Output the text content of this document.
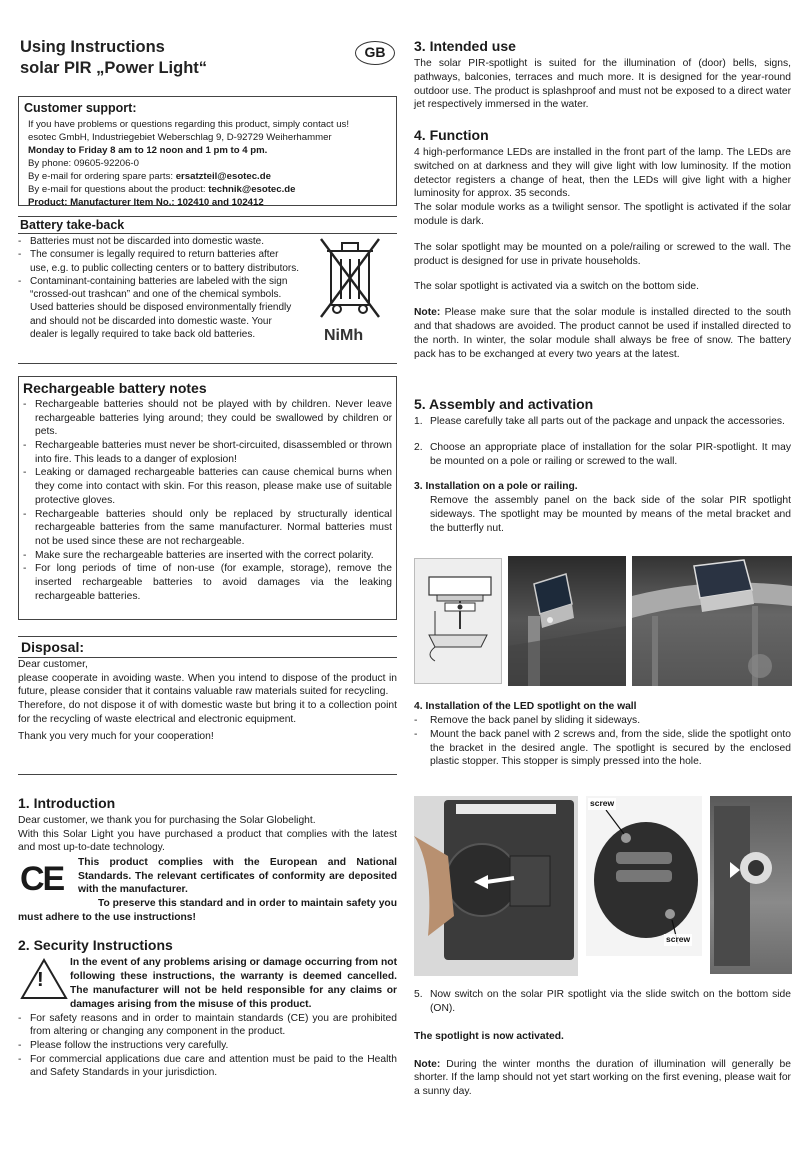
Using Instructions
solar PIR „Power Light“
GB
Customer support:
If you have problems or questions regarding this product, simply contact us!
esotec GmbH, Industriegebiet Weberschlag 9, D-92729 Weiherhammer
Monday to Friday 8 am to 12 noon and 1 pm to 4 pm.
By phone: 09605-92206-0
By e-mail for ordering spare parts: ersatzteil@esotec.de
By e-mail for questions about the product: technik@esotec.de
Product: Manufacturer Item No.: 102410 and 102412
Battery take-back
- Batteries must not be discarded into domestic waste.
- The consumer is legally required to return batteries after use, e.g. to public collecting centers or to battery distributors.
- Contaminant-containing batteries are labeled with the sign “crossed-out trashcan” and one of the chemical symbols. Used batteries should be disposed environmentally friendly and should not be discarded into domestic waste. Your dealer is legally required to take back old batteries.	NiMh
Rechargeable battery notes
- Rechargeable batteries should not be played with by children. Never leave rechargeable batteries lying around; they could be swallowed by children or pets.
- Rechargeable batteries must never be short-circuited, disassembled or thrown into fire. This leads to a danger of explosion!
- Leaking or damaged rechargeable batteries can cause chemical burns when they come into contact with skin. For this reason, please make use of suitable protective gloves.
- Rechargeable batteries should only be replaced by structurally identical rechargeable batteries from the same manufacturer. Normal batteries must not be used since these are not rechargeable.
- Make sure the rechargeable batteries are inserted with the correct polarity.
- For long periods of time of non-use (for example, storage), remove the inserted rechargeable batteries to avoid damages via the leaking rechargeable batteries.
Disposal:
Dear customer,
please cooperate in avoiding waste. When you intend to dispose of the product in future, please consider that it contains valuable raw materials suited for recycling.
Therefore, do not dispose it of with domestic waste but bring it to a collection point for the recycling of waste electrical and electronic equipment.
Thank you very much for your cooperation!
1. Introduction
Dear customer, we thank you for purchasing the Solar Globelight.
With this Solar Light you have purchased a product that complies with the latest and most up-to-date technology.
CE This product complies with the European and National Standards. The relevant certificates of conformity are deposited with the manufacturer.
To preserve this standard and in order to maintain safety you must adhere to the use instructions!
2. Security Instructions
!
In the event of any problems arising or damage occurring from not following these instructions, the warranty is deemed cancelled. The manufacturer will not be held responsible for any claims or damages arising from the misuse of this product.
- For safety reasons and in order to maintain standards (CE) you are prohibited from altering or changing any component in the product.
- Please follow the instructions very carefully.
- For commercial applications due care and attention must be paid to the Health and Safety Standards in your jurisdiction.
3. Intended use
The solar PIR-spotlight is suited for the illumination of (door) bells, signs, pathways, balconies, terraces and much more. It is designed for the year-round outdoor use. The product is splashproof and must not be exposed to a direct water jet respectively immersed in the water.
4. Function
4 high-performance LEDs are installed in the front part of the lamp. The LEDs are switched on at darkness and they will give light with low luminosity. If the motion detector registers a change of heat, then the LEDs will give light with a higher luminosity for approx. 35 seconds.
The solar module works as a twilight sensor. The spotlight is activated if the solar module is dark.
The solar spotlight may be mounted on a pole/railing or screwed to the wall. The product is designed for use in private households.
The solar spotlight is activated via a switch on the bottom side.
Note: Please make sure that the solar module is installed directed to the south and that shadows are avoided. The product cannot be used if installed directed to the north. In winter, the solar module shall always be free of snow. The battery pack has to be exchanged at every two years at the latest.
5. Assembly and activation
1. Please carefully take all parts out of the package and unpack the accessories.
2. Choose an appropriate place of installation for the solar PIR-spotlight. It may be mounted on a pole or railing or screwed to the wall.
3. Installation on a pole or railing.
Remove the assembly panel on the back side of the solar PIR spotlight sideways. The spotlight may be mounted by means of the metal bracket and the butterfly nut.
4. Installation of the LED spotlight on the wall
- Remove the back panel by sliding it sideways.
- Mount the back panel with 2 screws and, from the side, slide the spotlight onto the bracket in the desired angle. The spotlight is secured by the enclosed plastic stopper. This stopper is simply pressed into the hole.
screw
screw
5. Now switch on the solar PIR spotlight via the slide switch on the bottom side (ON).
The spotlight is now activated.
Note: During the winter months the duration of illumination will generally be shorter. If the lamp should not yet start working on the first evening, please wait for a sunny day.
